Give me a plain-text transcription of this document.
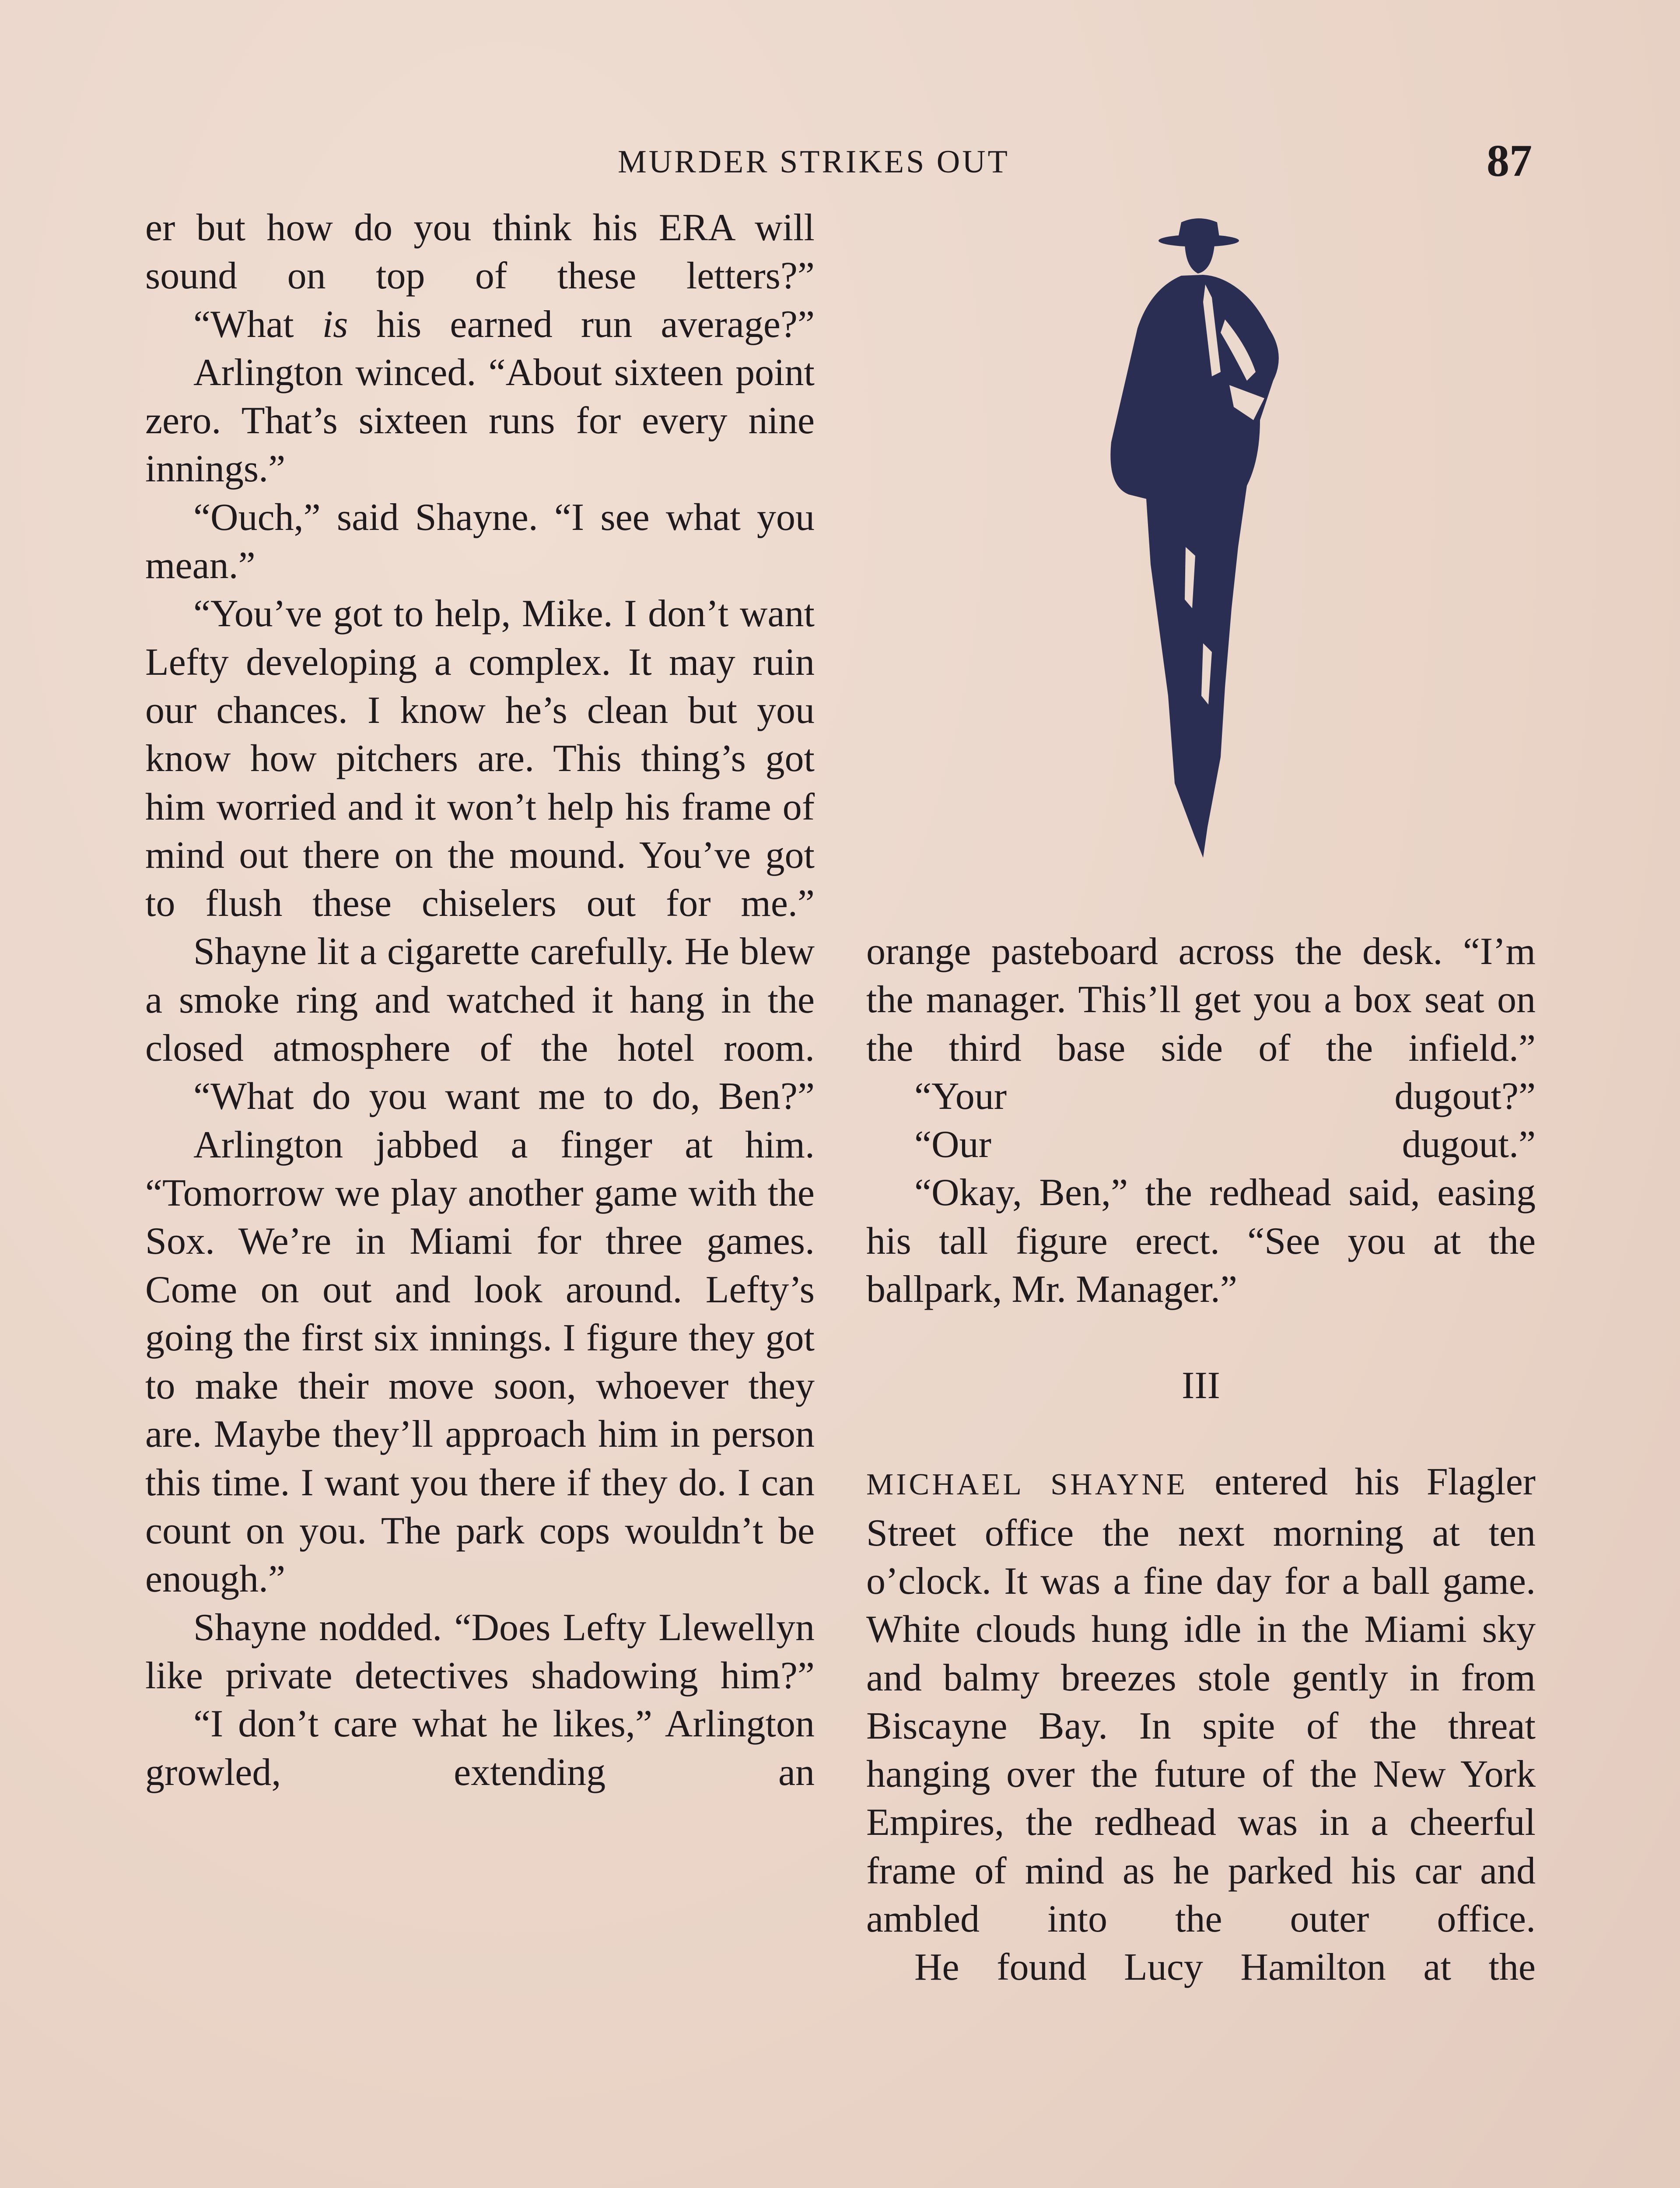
MURDER STRIKES OUT	87

er but how do you think his ERA will sound on top of these letters?”

“What is his earned run average?”

Arlington winced. “About sixteen point zero. That’s sixteen runs for every nine innings.”

“Ouch,” said Shayne. “I see what you mean.”

“You’ve got to help, Mike. I don’t want Lefty developing a complex. It may ruin our chances. I know he’s clean but you know how pitchers are. This thing’s got him worried and it won’t help his frame of mind out there on the mound. You’ve got to flush these chiselers out for me.”

Shayne lit a cigarette carefully. He blew a smoke ring and watched it hang in the closed atmosphere of the hotel room.

“What do you want me to do, Ben?”

Arlington jabbed a finger at him. “Tomorrow we play another game with the Sox. We’re in Miami for three games. Come on out and look around. Lefty’s going the first six innings. I figure they got to make their move soon, whoever they are. Maybe they’ll approach him in person this time. I want you there if they do. I can count on you. The park cops wouldn’t be enough.”

Shayne nodded. “Does Lefty Llewellyn like private detectives shadowing him?”

“I don’t care what he likes,” Arlington growled, extending an

orange pasteboard across the desk. “I’m the manager. This’ll get you a box seat on the third base side of the infield.”

“Your dugout?”

“Our dugout.”

“Okay, Ben,” the redhead said, easing his tall figure erect. “See you at the ballpark, Mr. Manager.”

III

MICHAEL SHAYNE entered his Flagler Street office the next morning at ten o’clock. It was a fine day for a ball game. White clouds hung idle in the Miami sky and balmy breezes stole gently in from Biscayne Bay. In spite of the threat hanging over the future of the New York Empires, the redhead was in a cheerful frame of mind as he parked his car and ambled into the outer office.

He found Lucy Hamilton at the
